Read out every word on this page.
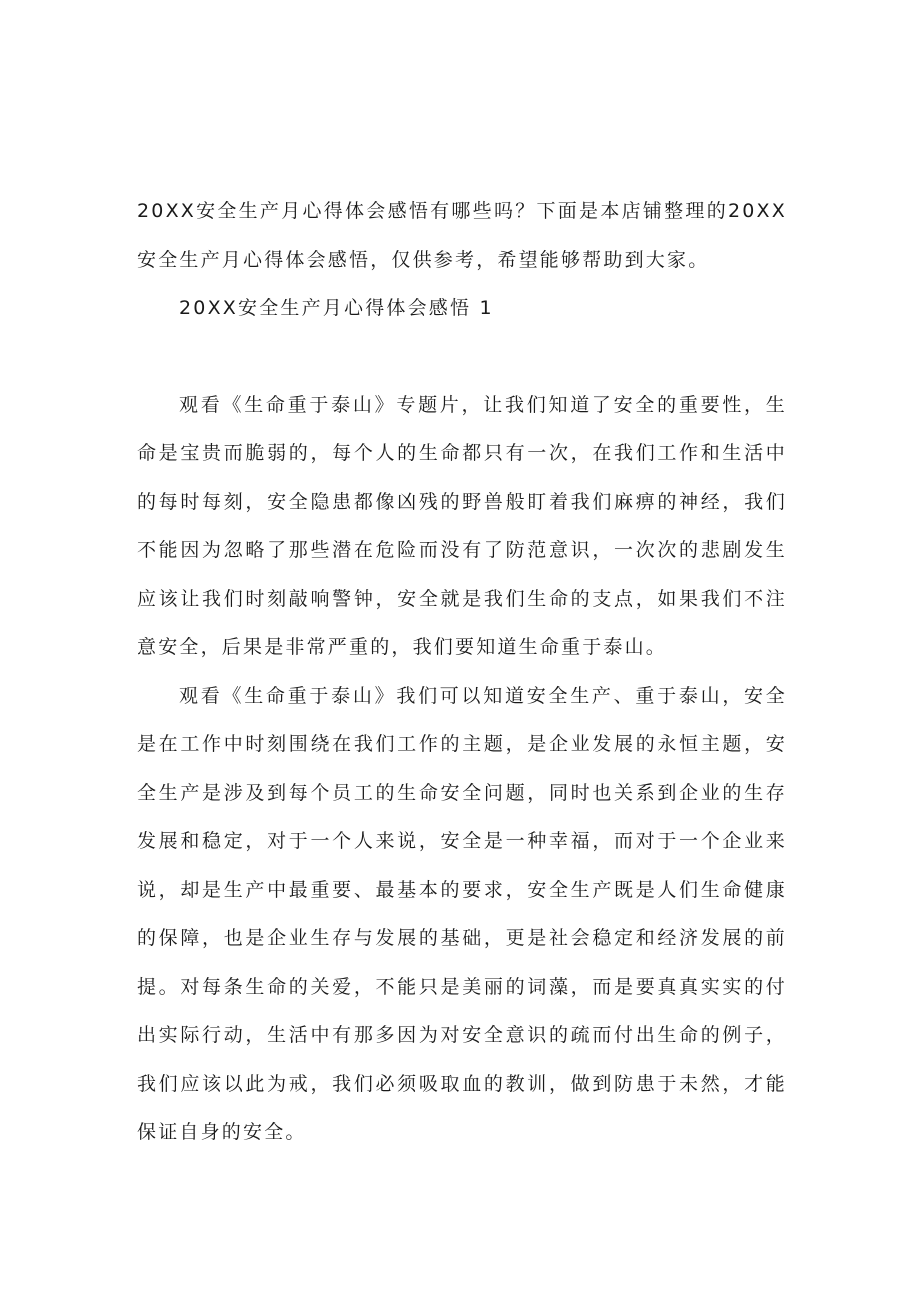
20XX安全生产月心得体会感悟有哪些吗？下面是本店铺整理的20XX安全生产月心得体会感悟，仅供参考，希望能够帮助到大家。

20XX安全生产月心得体会感悟 1

观看《生命重于泰山》专题片，让我们知道了安全的重要性，生命是宝贵而脆弱的，每个人的生命都只有一次，在我们工作和生活中的每时每刻，安全隐患都像凶残的野兽般盯着我们麻痹的神经，我们不能因为忽略了那些潜在危险而没有了防范意识，一次次的悲剧发生应该让我们时刻敲响警钟，安全就是我们生命的支点，如果我们不注意安全，后果是非常严重的，我们要知道生命重于泰山。

观看《生命重于泰山》我们可以知道安全生产、重于泰山，安全是在工作中时刻围绕在我们工作的主题，是企业发展的永恒主题，安全生产是涉及到每个员工的生命安全问题，同时也关系到企业的生存发展和稳定，对于一个人来说，安全是一种幸福，而对于一个企业来说，却是生产中最重要、最基本的要求，安全生产既是人们生命健康的保障，也是企业生存与发展的基础，更是社会稳定和经济发展的前提。对每条生命的关爱，不能只是美丽的词藻，而是要真真实实的付出实际行动，生活中有那多因为对安全意识的疏而付出生命的例子，我们应该以此为戒，我们必须吸取血的教训，做到防患于未然，才能保证自身的安全。
